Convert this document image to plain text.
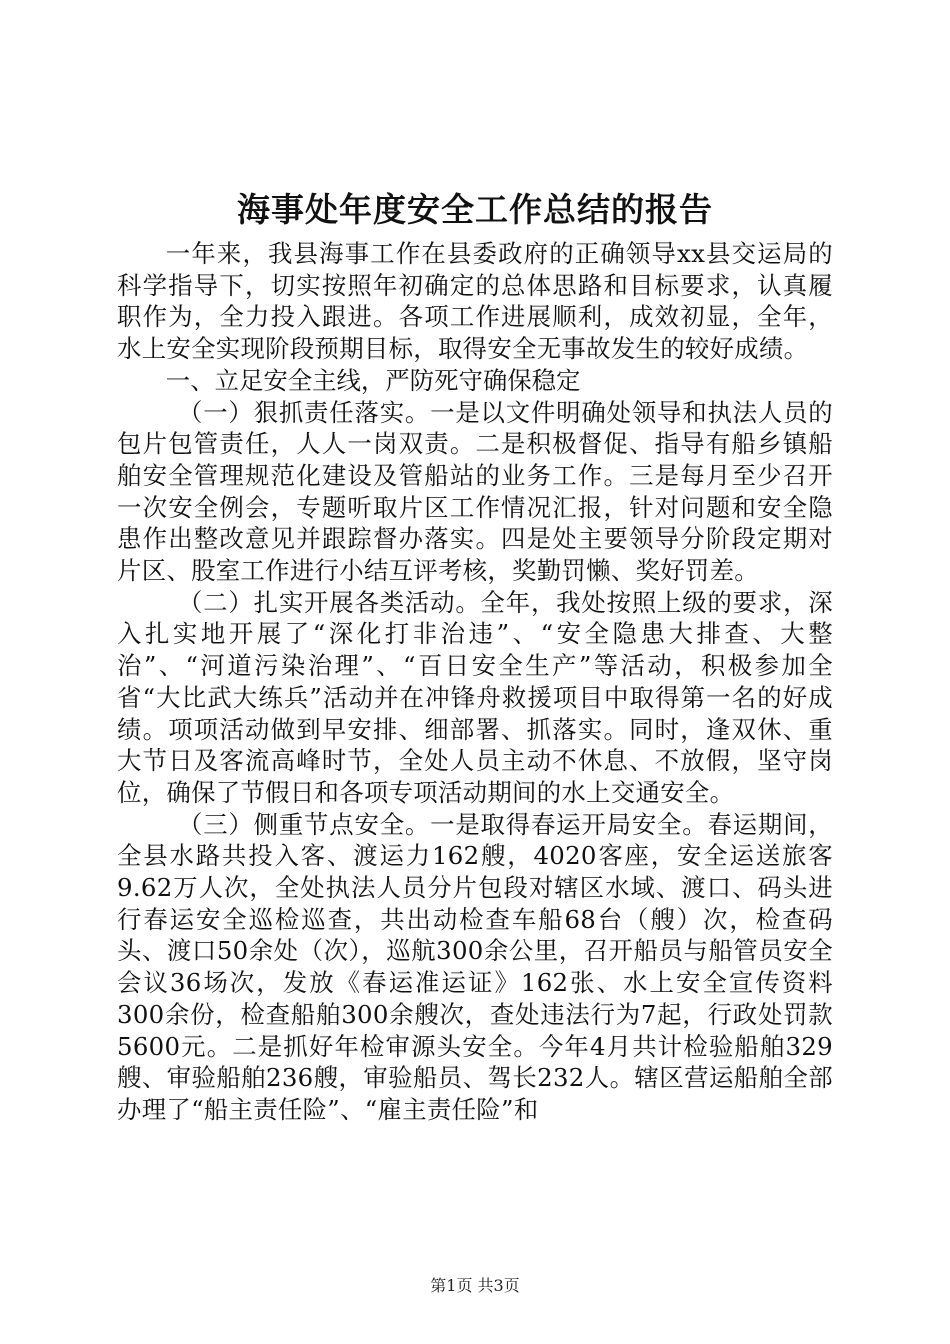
海事处年度安全工作总结的报告

一年来，我县海事工作在县委政府的正确领导xx县交运局的科学指导下，切实按照年初确定的总体思路和目标要求，认真履职作为，全力投入跟进。各项工作进展顺利，成效初显，全年，水上安全实现阶段预期目标，取得安全无事故发生的较好成绩。

一、立足安全主线，严防死守确保稳定

（一）狠抓责任落实。一是以文件明确处领导和执法人员的包片包管责任，人人一岗双责。二是积极督促、指导有船乡镇船舶安全管理规范化建设及管船站的业务工作。三是每月至少召开一次安全例会，专题听取片区工作情况汇报，针对问题和安全隐患作出整改意见并跟踪督办落实。四是处主要领导分阶段定期对片区、股室工作进行小结互评考核，奖勤罚懒、奖好罚差。

（二）扎实开展各类活动。全年，我处按照上级的要求，深入扎实地开展了“深化打非治违”、“安全隐患大排查、大整治”、“河道污染治理”、“百日安全生产”等活动，积极参加全省“大比武大练兵”活动并在冲锋舟救援项目中取得第一名的好成绩。项项活动做到早安排、细部署、抓落实。同时，逢双休、重大节日及客流高峰时节，全处人员主动不休息、不放假，坚守岗位，确保了节假日和各项专项活动期间的水上交通安全。

（三）侧重节点安全。一是取得春运开局安全。春运期间，全县水路共投入客、渡运力162艘，4020客座，安全运送旅客9.62万人次，全处执法人员分片包段对辖区水域、渡口、码头进行春运安全巡检巡查，共出动检查车船68台（艘）次，检查码头、渡口50余处（次），巡航300余公里，召开船员与船管员安全会议36场次，发放《春运准运证》162张、水上安全宣传资料300余份，检查船舶300余艘次，查处违法行为7起，行政处罚款5600元。二是抓好年检审源头安全。今年4月共计检验船舶329艘、审验船舶236艘，审验船员、驾长232人。辖区营运船舶全部办理了“船主责任险”、“雇主责任险”和

第1页 共3页
